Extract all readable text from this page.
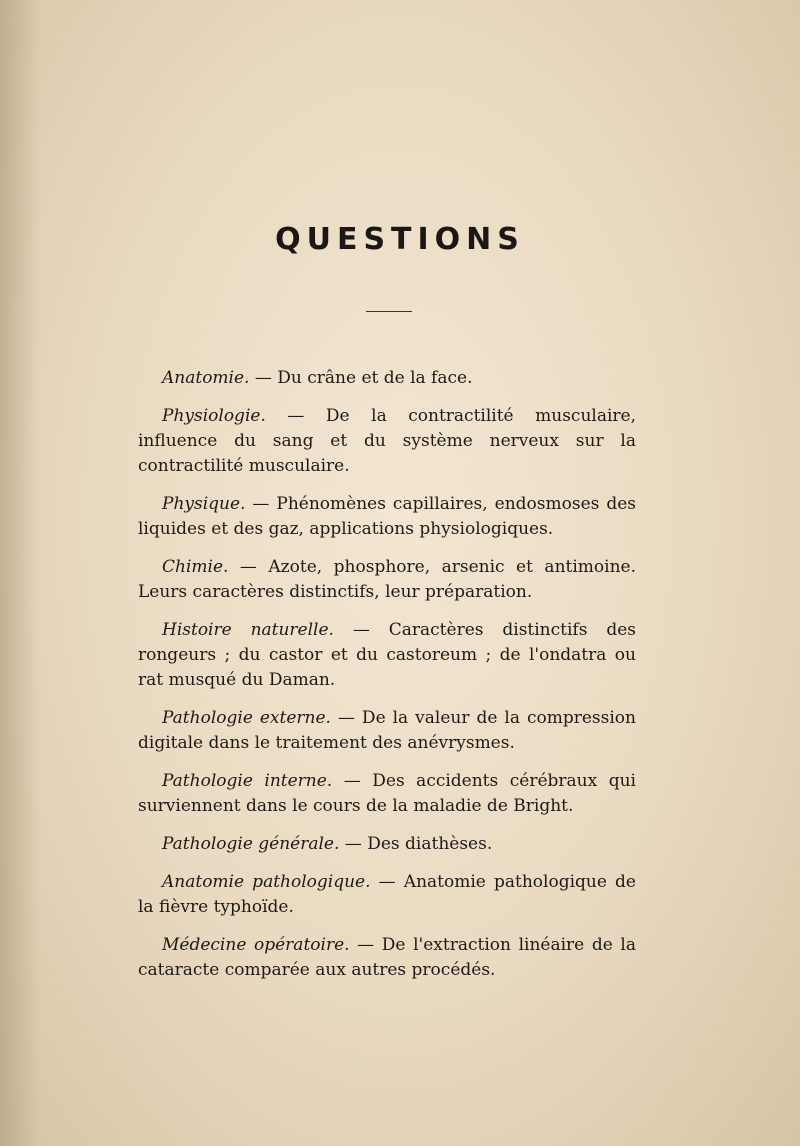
QUESTIONS

Anatomie. — Du crâne et de la face.

Physiologie. — De la contractilité musculaire, influence du sang et du système nerveux sur la contractilité musculaire.

Physique. — Phénomènes capillaires, endosmoses des liquides et des gaz, applications physiologiques.

Chimie. — Azote, phosphore, arsenic et antimoine. Leurs caractères distinctifs, leur préparation.

Histoire naturelle. — Caractères distinctifs des rongeurs ; du castor et du castoreum ; de l'ondatra ou rat musqué du Daman.

Pathologie externe. — De la valeur de la compression digitale dans le traitement des anévrysmes.

Pathologie interne. — Des accidents cérébraux qui surviennent dans le cours de la maladie de Bright.

Pathologie générale. — Des diathèses.

Anatomie pathologique. — Anatomie pathologique de la fièvre typhoïde.

Médecine opératoire. — De l'extraction linéaire de la cataracte comparée aux autres procédés.
